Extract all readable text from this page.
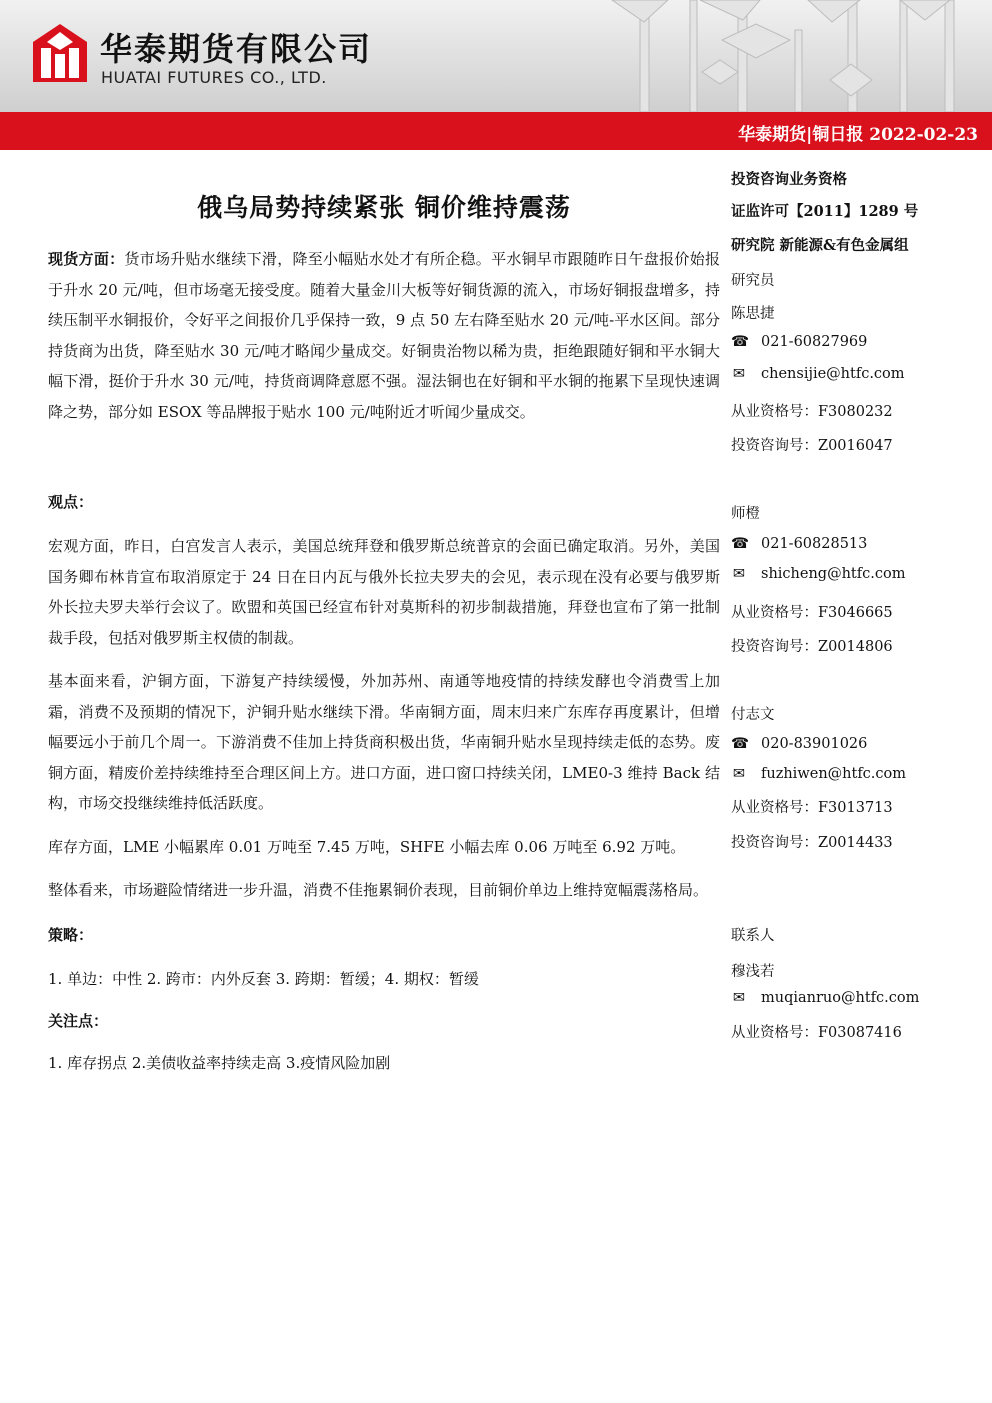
华泰期货有限公司
HUATAI FUTURES CO., LTD.
华泰期货|铜日报 2022-02-23
俄乌局势持续紧张 铜价维持震荡

现货方面：货市场升贴水继续下滑，降至小幅贴水处才有所企稳。平水铜早市跟随昨日午盘报价始报于升水 20 元/吨，但市场毫无接受度。随着大量金川大板等好铜货源的流入，市场好铜报盘增多，持续压制平水铜报价，令好平之间报价几乎保持一致，9 点 50 左右降至贴水 20 元/吨-平水区间。部分持货商为出货，降至贴水 30 元/吨才略闻少量成交。好铜贵治物以稀为贵，拒绝跟随好铜和平水铜大幅下滑，挺价于升水 30 元/吨，持货商调降意愿不强。湿法铜也在好铜和平水铜的拖累下呈现快速调降之势，部分如 ESOX 等品牌报于贴水 100 元/吨附近才听闻少量成交。

观点：

宏观方面，昨日，白宫发言人表示，美国总统拜登和俄罗斯总统普京的会面已确定取消。另外，美国国务卿布林肯宣布取消原定于 24 日在日内瓦与俄外长拉夫罗夫的会见，表示现在没有必要与俄罗斯外长拉夫罗夫举行会议了。欧盟和英国已经宣布针对莫斯科的初步制裁措施，拜登也宣布了第一批制裁手段，包括对俄罗斯主权债的制裁。

基本面来看，沪铜方面，下游复产持续缓慢，外加苏州、南通等地疫情的持续发酵也令消费雪上加霜，消费不及预期的情况下，沪铜升贴水继续下滑。华南铜方面，周末归来广东库存再度累计，但增幅要远小于前几个周一。下游消费不佳加上持货商积极出货，华南铜升贴水呈现持续走低的态势。废铜方面，精废价差持续维持至合理区间上方。进口方面，进口窗口持续关闭，LME0-3 维持 Back 结构，市场交投继续维持低活跃度。

库存方面，LME 小幅累库 0.01 万吨至 7.45 万吨，SHFE 小幅去库 0.06 万吨至 6.92 万吨。

整体看来，市场避险情绪进一步升温，消费不佳拖累铜价表现，目前铜价单边上维持宽幅震荡格局。

策略：

1. 单边：中性 2. 跨市：内外反套 3. 跨期：暂缓；4. 期权：暂缓

关注点：

1. 库存拐点 2.美债收益率持续走高 3.疫情风险加剧

投资咨询业务资格
证监许可【2011】1289 号
研究院 新能源&有色金属组
研究员
陈思捷
☎ 021-60827969
✉ chensijie@htfc.com
从业资格号：F3080232
投资咨询号：Z0016047
师橙
☎ 021-60828513
✉ shicheng@htfc.com
从业资格号：F3046665
投资咨询号：Z0014806
付志文
☎ 020-83901026
✉ fuzhiwen@htfc.com
从业资格号：F3013713
投资咨询号：Z0014433
联系人
穆浅若
✉ muqianruo@htfc.com
从业资格号：F03087416
